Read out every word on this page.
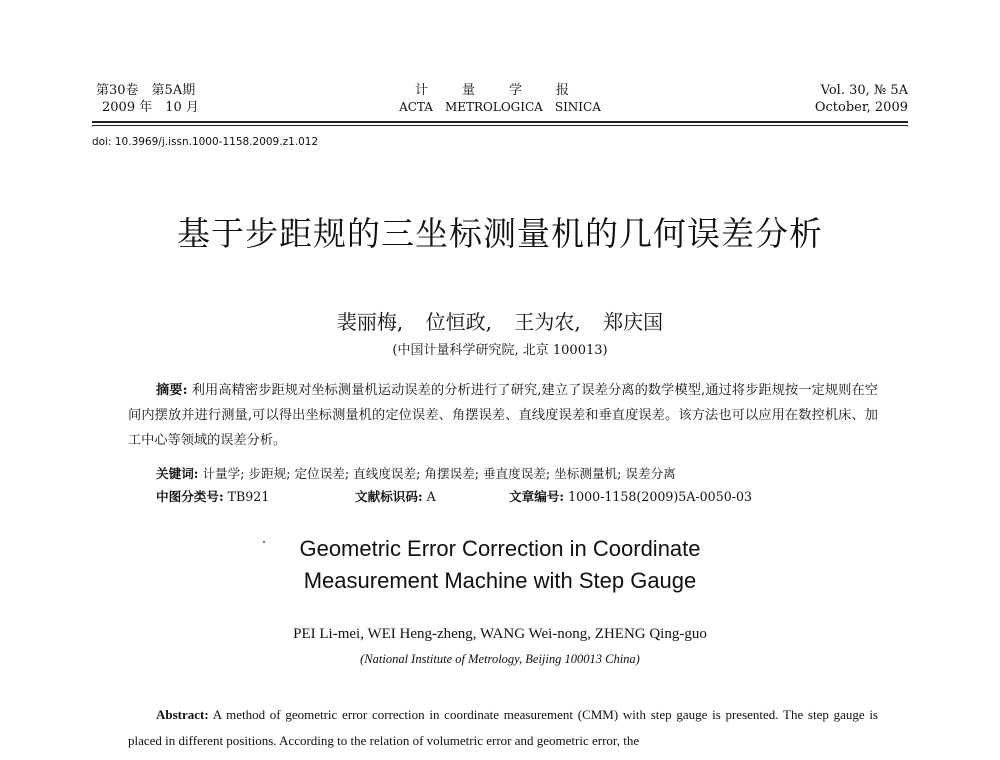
第30卷　第5A期
2009 年　10 月
计量学报
ACTA　METROLOGICA　SINICA
Vol. 30, № 5A
October, 2009
doi: 10.3969/j.issn.1000-1158.2009.z1.012
基于步距规的三坐标测量机的几何误差分析
裴丽梅, 位恒政, 王为农, 郑庆国
(中国计量科学研究院, 北京 100013)
摘要: 利用高精密步距规对坐标测量机运动误差的分析进行了研究,建立了误差分离的数学模型,通过将步距规按一定规则在空间内摆放并进行测量,可以得出坐标测量机的定位误差、角摆误差、直线度误差和垂直度误差。该方法也可以应用在数控机床、加工中心等领域的误差分析。
关键词: 计量学; 步距规; 定位误差; 直线度误差; 角摆误差; 垂直度误差; 坐标测量机; 误差分离
中图分类号: TB921	文献标识码: A	文章编号: 1000-1158(2009)5A-0050-03
Geometric Error Correction in Coordinate
Measurement Machine with Step Gauge
PEI Li-mei, WEI Heng-zheng, WANG Wei-nong, ZHENG Qing-guo
(National Institute of Metrology, Beijing 100013 China)
Abstract: A method of geometric error correction in coordinate measurement (CMM) with step gauge is presented. The step gauge is placed in different positions. According to the relation of volumetric error and geometric error, the
